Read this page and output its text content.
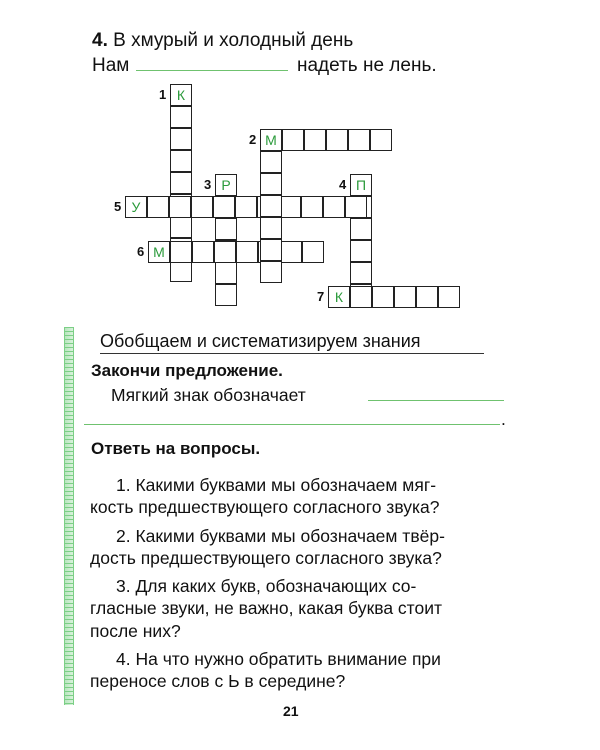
4. В хмурый и холодный день
Нам	надеть не лень.
К
1
М
2
Р
3	П
4
У
5
М
6
К
7
Обобщаем и систематизируем знания
Закончи предложение.
Мягкий знак обозначает
.
Ответь на вопросы.
1. Какими буквами мы обозначаем мяг-
кость предшествующего согласного звука?
2. Какими буквами мы обозначаем твёр-
дость предшествующего согласного звука?
3. Для каких букв, обозначающих со-
гласные звуки, не важно, какая буква стоит
после них?
4. На что нужно обратить внимание при
переносе слов с Ь в середине?
21
